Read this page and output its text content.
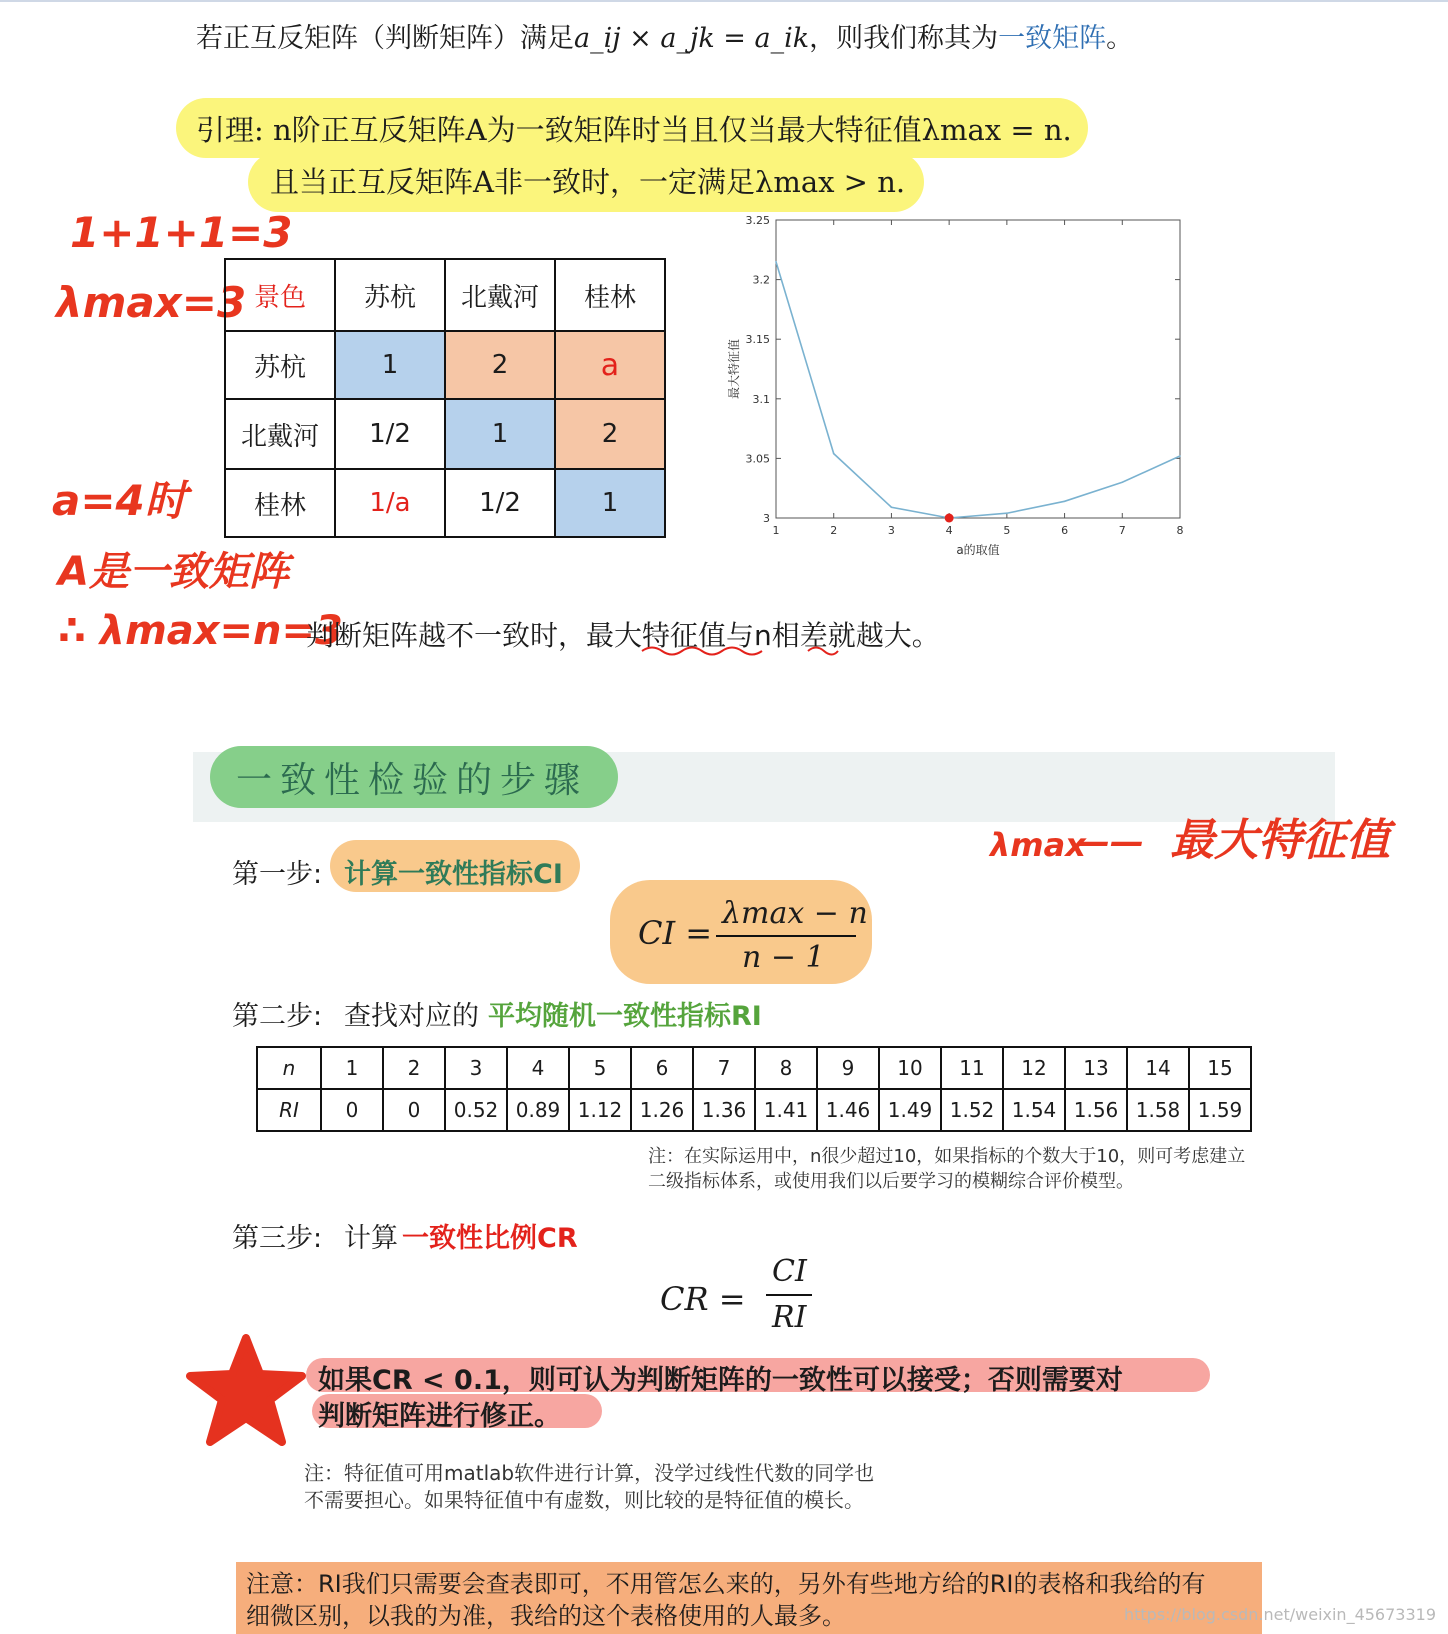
若正互反矩阵（判断矩阵）满足a_ij × a_jk = a_ik，则我们称其为一致矩阵。
引理: n阶正互反矩阵A为一致矩阵时当且仅当最大特征值λmax = n.
且当正互反矩阵A非一致时，一定满足λmax > n.
1+1+1=3
λmax=3
a=4时
A是一致矩阵
∴ λmax=n=3
景色	苏杭	北戴河	桂林
苏杭	1	2	a
北戴河	1/2	1	2
桂林	1/a	1/2	1
3
3.05
3.1
3.15
3.2
3.25
1	2	3	4	5	6	7	8
a的取值
最大特征值
判断矩阵越不一致时，最大特征值与n相差就越大。
一致性检验的步骤
λmax
—— 最大特征值
第一步: 计算一致性指标CI
CI =
λmax − n
n − 1
第二步: 查找对应的 平均随机一致性指标RI
n	1	2	3	4	5	6	7	8	9	10	11	12	13	14	15
RI	0	0	0.52	0.89	1.12	1.26	1.36	1.41	1.46	1.49	1.52	1.54	1.56	1.58	1.59
注：在实际运用中，n很少超过10，如果指标的个数大于10，则可考虑建立
二级指标体系，或使用我们以后要学习的模糊综合评价模型。
第三步: 计算 一致性比例CR
CR =
CI
RI
如果CR < 0.1，则可认为判断矩阵的一致性可以接受；否则需要对
判断矩阵进行修正。
注：特征值可用matlab软件进行计算，没学过线性代数的同学也
不需要担心。如果特征值中有虚数，则比较的是特征值的模长。
注意：RI我们只需要会查表即可，不用管怎么来的，另外有些地方给的RI的表格和我给的有
细微区别，以我的为准，我给的这个表格使用的人最多。	https://blog.csdn.net/weixin_45673319
